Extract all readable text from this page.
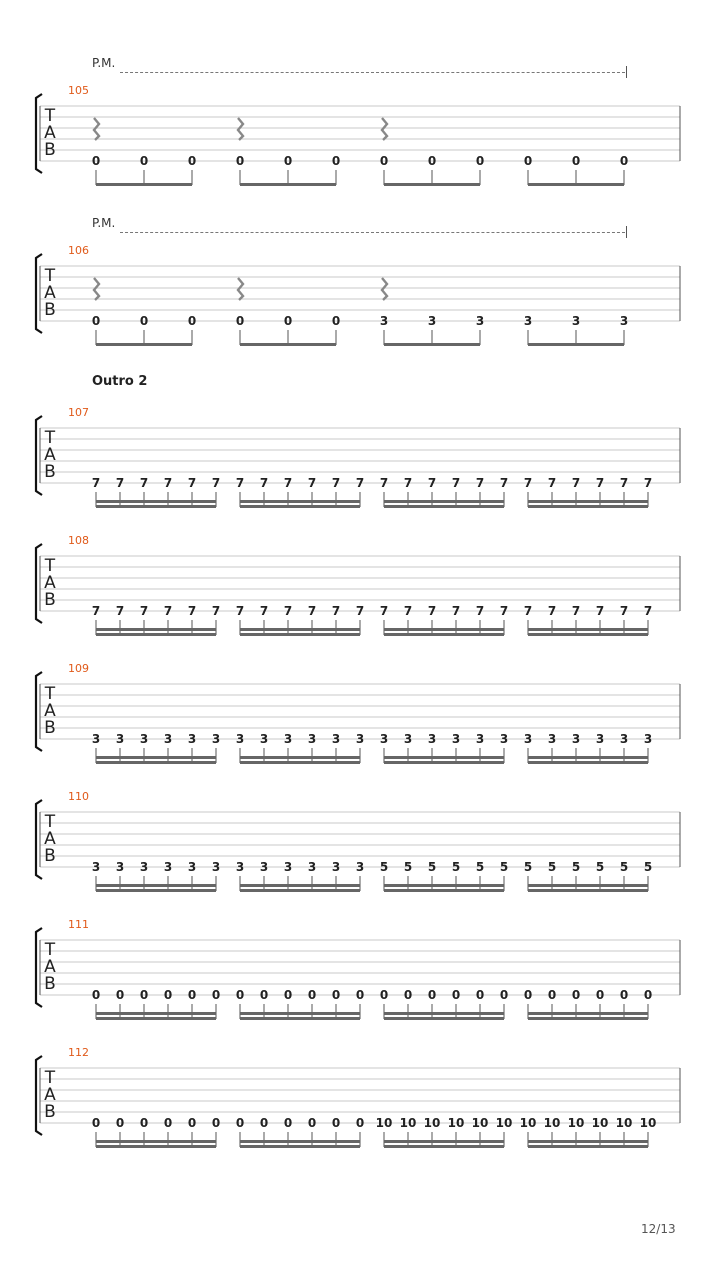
P.M.
P.M.
Outro 2
105
106
107
108
109
110
111
112
T
A
B
0	0	0	0	0	0	0	0	0	0	0	0
T
A
B
0	0	0	0	0	0	3	3	3	3	3	3
T
A
B
7 7 7 7 7 7 7 7 7 7 7 7 7 7 7 7 7 7 7 7 7 7 7 7
T
A
B
7 7 7 7 7 7 7 7 7 7 7 7 7 7 7 7 7 7 7 7 7 7 7 7
T
A
B
3 3 3 3 3 3 3 3 3 3 3 3 3 3 3 3 3 3 3 3 3 3 3 3
T
A
B
3 3 3 3 3 3 3 3 3 3 3 3 5 5 5 5 5 5 5 5 5 5 5 5
T
A
B
0 0 0 0 0 0 0 0 0 0 0 0 0 0 0 0 0 0 0 0 0 0 0 0
T
A
B
0 0 0 0 0 0 0 0 0 0 0 0 10 10 10 10 10 10 10 10 10 10 10 10
12/13
